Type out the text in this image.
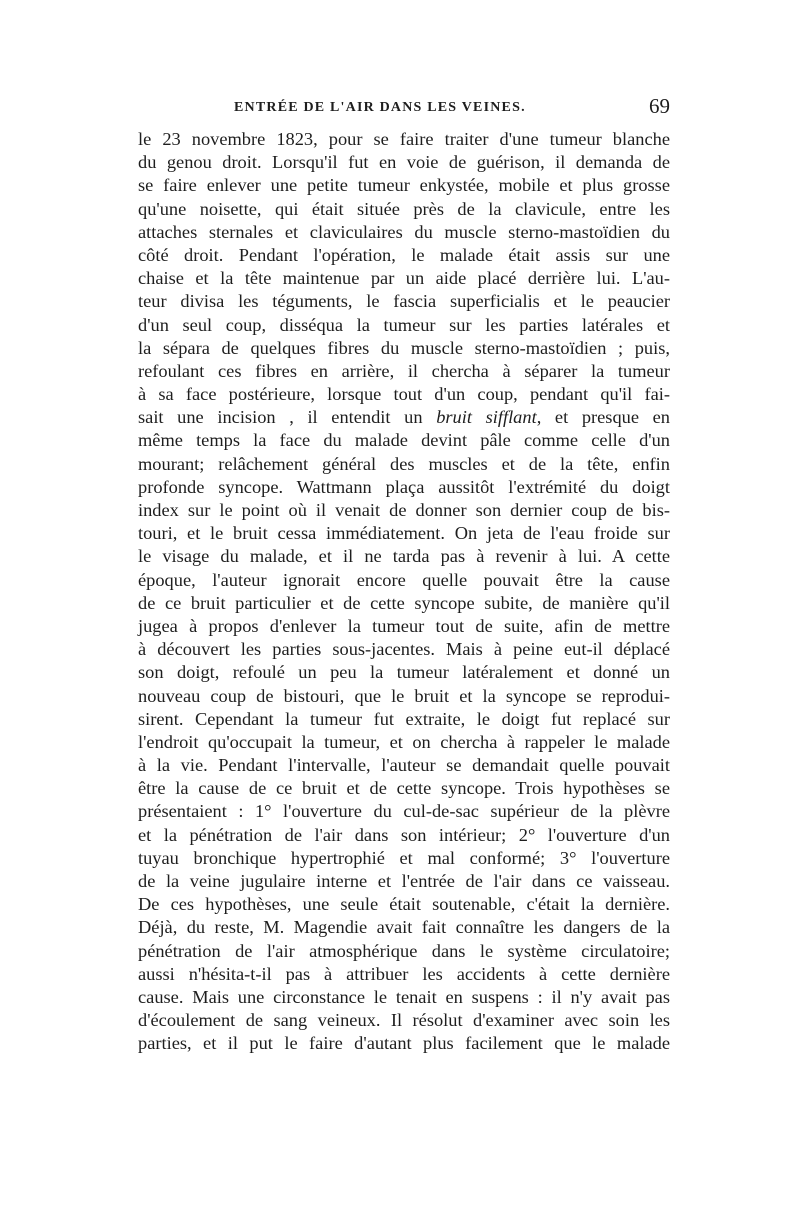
ENTRÉE DE L'AIR DANS LES VEINES.	69
le 23 novembre 1823, pour se faire traiter d'une tumeur blanche
du genou droit. Lorsqu'il fut en voie de guérison, il demanda de
se faire enlever une petite tumeur enkystée, mobile et plus grosse
qu'une noisette, qui était située près de la clavicule, entre les
attaches sternales et claviculaires du muscle sterno-mastoïdien du
côté droit. Pendant l'opération, le malade était assis sur une
chaise et la tête maintenue par un aide placé derrière lui. L'au-
teur divisa les téguments, le fascia superficialis et le peaucier
d'un seul coup, disséqua la tumeur sur les parties latérales et
la sépara de quelques fibres du muscle sterno-mastoïdien ; puis,
refoulant ces fibres en arrière, il chercha à séparer la tumeur
à sa face postérieure, lorsque tout d'un coup, pendant qu'il fai-
sait une incision , il entendit un bruit sifflant, et presque en
même temps la face du malade devint pâle comme celle d'un
mourant; relâchement général des muscles et de la tête, enfin
profonde syncope. Wattmann plaça aussitôt l'extrémité du doigt
index sur le point où il venait de donner son dernier coup de bis-
touri, et le bruit cessa immédiatement. On jeta de l'eau froide sur
le visage du malade, et il ne tarda pas à revenir à lui. A cette
époque, l'auteur ignorait encore quelle pouvait être la cause
de ce bruit particulier et de cette syncope subite, de manière qu'il
jugea à propos d'enlever la tumeur tout de suite, afin de mettre
à découvert les parties sous-jacentes. Mais à peine eut-il déplacé
son doigt, refoulé un peu la tumeur latéralement et donné un
nouveau coup de bistouri, que le bruit et la syncope se reprodui-
sirent. Cependant la tumeur fut extraite, le doigt fut replacé sur
l'endroit qu'occupait la tumeur, et on chercha à rappeler le malade
à la vie. Pendant l'intervalle, l'auteur se demandait quelle pouvait
être la cause de ce bruit et de cette syncope. Trois hypothèses se
présentaient : 1° l'ouverture du cul-de-sac supérieur de la plèvre
et la pénétration de l'air dans son intérieur; 2° l'ouverture d'un
tuyau bronchique hypertrophié et mal conformé; 3° l'ouverture
de la veine jugulaire interne et l'entrée de l'air dans ce vaisseau.
De ces hypothèses, une seule était soutenable, c'était la dernière.
Déjà, du reste, M. Magendie avait fait connaître les dangers de la
pénétration de l'air atmosphérique dans le système circulatoire;
aussi n'hésita-t-il pas à attribuer les accidents à cette dernière
cause. Mais une circonstance le tenait en suspens : il n'y avait pas
d'écoulement de sang veineux. Il résolut d'examiner avec soin les
parties, et il put le faire d'autant plus facilement que le malade
